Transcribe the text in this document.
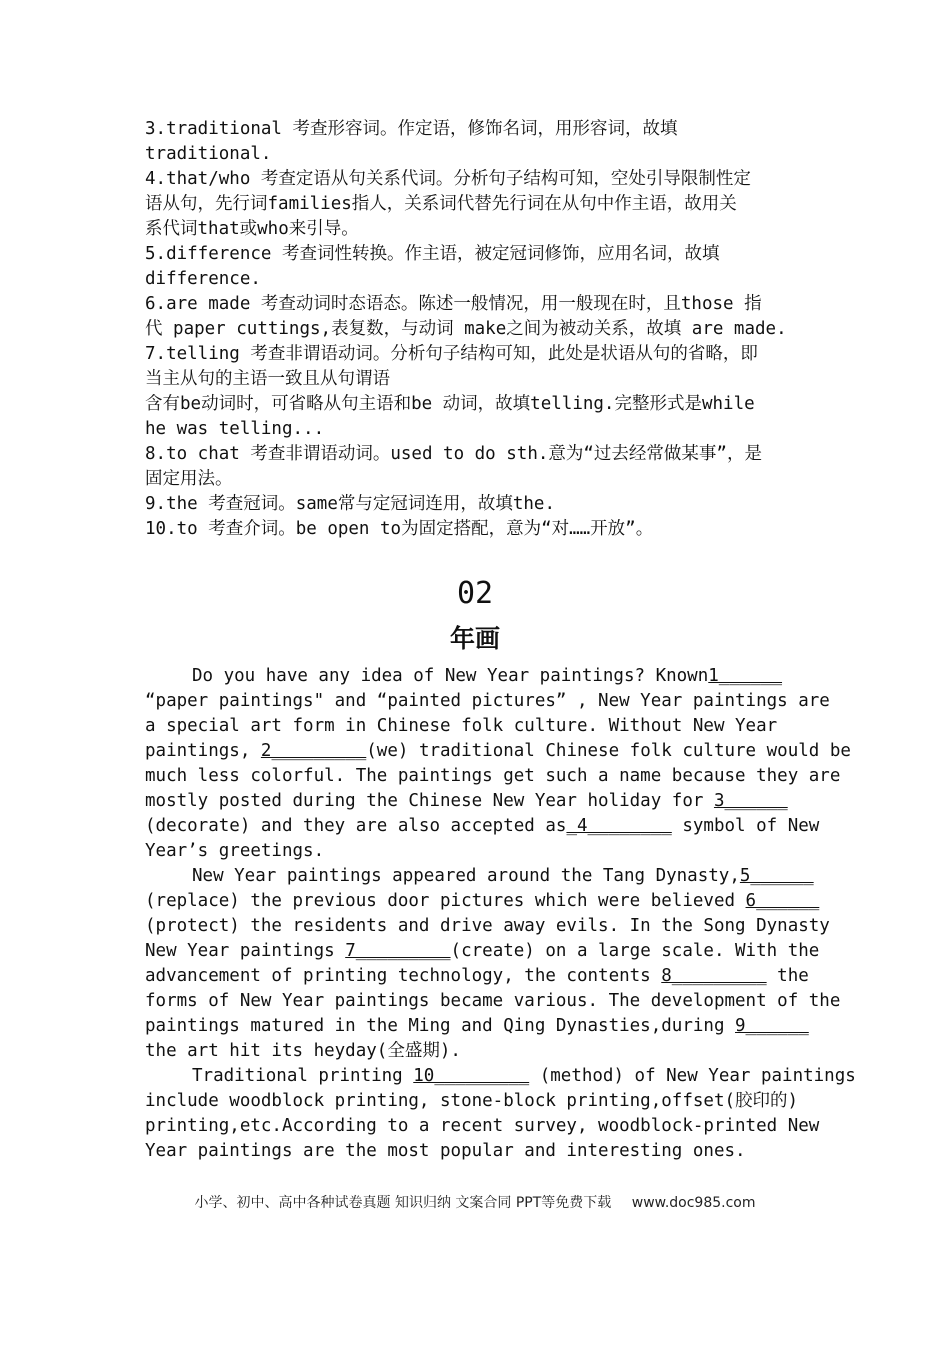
3.traditional 考查形容词。作定语，修饰名词，用形容词，故填
traditional.
4.that/who 考查定语从句关系代词。分析句子结构可知，空处引导限制性定
语从句，先行词families指人，关系词代替先行词在从句中作主语，故用关
系代词that或who来引导。
5.difference 考查词性转换。作主语，被定冠词修饰，应用名词，故填
difference.
6.are made 考查动词时态语态。陈述一般情况，用一般现在时，且those 指
代 paper cuttings,表复数，与动词 make之间为被动关系，故填 are made.
7.telling 考查非谓语动词。分析句子结构可知，此处是状语从句的省略，即
当主从句的主语一致且从句谓语
含有be动词时，可省略从句主语和be 动词，故填telling.完整形式是while
he was telling...
8.to chat 考查非谓语动词。used to do sth.意为“过去经常做某事”，是
固定用法。
9.the 考查冠词。same常与定冠词连用，故填the.
10.to 考查介词。be open to为固定搭配，意为“对……开放”。
02
年画
Do you have any idea of New Year paintings? Known1______
“paper paintings" and “painted pictures” , New Year paintings are
a special art form in Chinese folk culture. Without New Year
paintings, 2_________(we) traditional Chinese folk culture would be
much less colorful. The paintings get such a name because they are
mostly posted during the Chinese New Year holiday for 3______
(decorate) and they are also accepted as_4________ symbol of New
Year’s greetings.
New Year paintings appeared around the Tang Dynasty,5______
(replace) the previous door pictures which were believed 6______
(protect) the residents and drive away evils. In the Song Dynasty
New Year paintings 7_________(create) on a large scale. With the
advancement of printing technology, the contents 8_________ the
forms of New Year paintings became various. The development of the
paintings matured in the Ming and Qing Dynasties,during 9______
the art hit its heyday(全盛期).
Traditional printing 10_________ (method) of New Year paintings
include woodblock printing, stone-block printing,offset(胶印的)
printing,etc.According to a recent survey, woodblock-printed New
Year paintings are the most popular and interesting ones.
小学、初中、高中各种试卷真题 知识归纳 文案合同 PPT等免费下载 www.doc985.com
